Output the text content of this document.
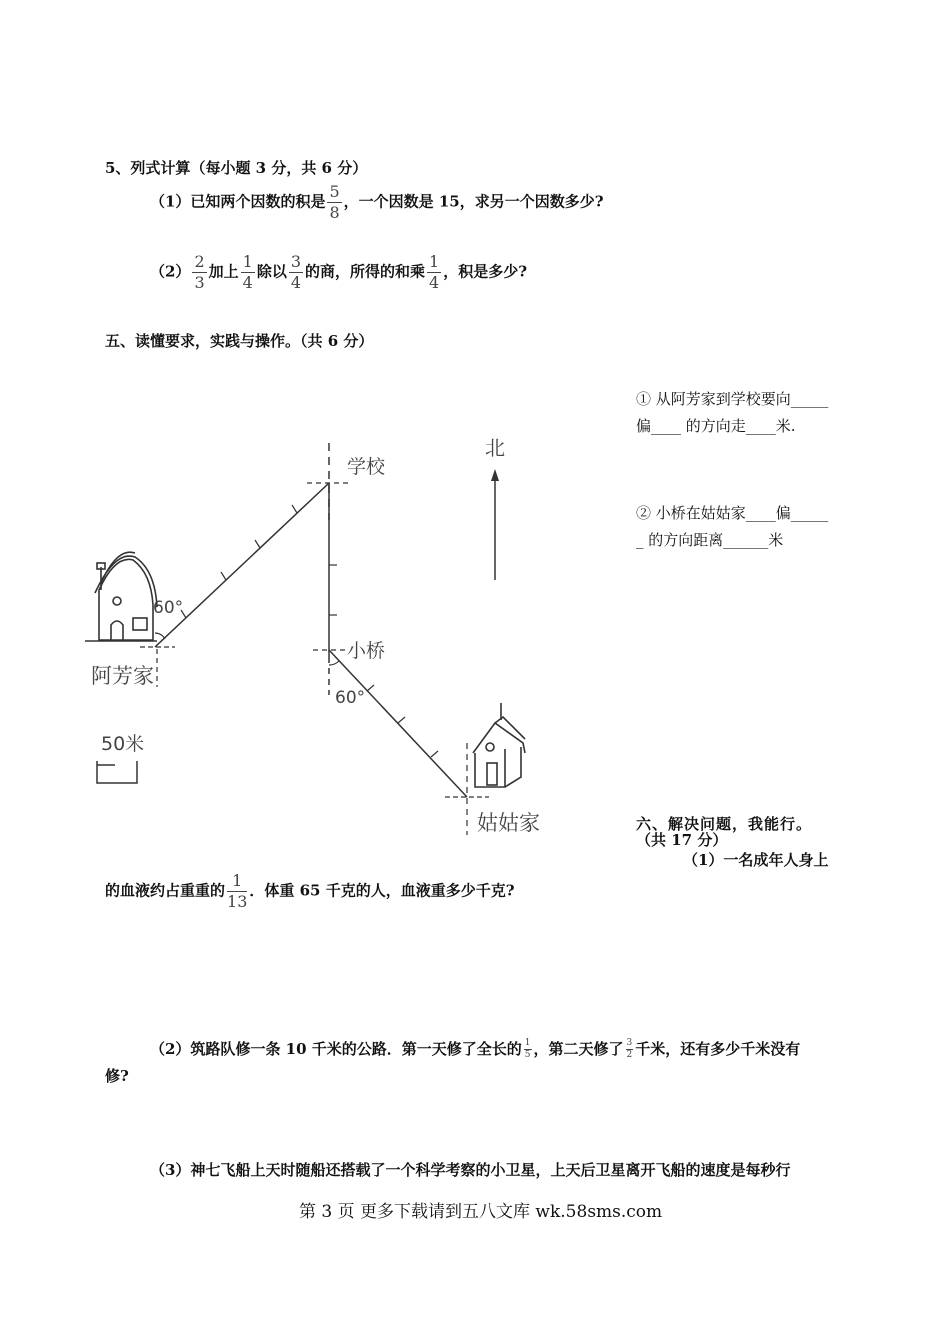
5、列式计算（每小题 3 分，共 6 分）
（1）已知两个因数的积是 $\frac{5}{8}$ ，一个因数是 15，求另一个因数多少?
$(2) \frac{2}{3}$ 加上 $\frac{1}{4}$ 除以 $\frac{3}{4}$ 的商，所得的和乘 $\frac{1}{4}$ ，积是多少?
五、读懂要求，实践与操作。（共 6 分）
北
学校
小桥
60°
60°
阿芳家
姑姑家
50米
① 从阿芳家到学校要向_____
偏____ 的方向走____米.
② 小桥在姑姑家____偏_____
_ 的方向距离______米
六、解决问题，我能行。
（共 17 分）
（1）一名成年人身上
的血液约占重重的 $\frac{1}{13}$ ．体重 65 千克的人，血液重多少千克?
（2）筑路队修一条 10 千米的公路．第一天修了全长的 $\frac{1}{5}$ ，第二天修了 $\frac{3}{2}$ 千米，还有多少千米没有
修?
（3）神七飞船上天时随船还搭载了一个科学考察的小卫星，上天后卫星离开飞船的速度是每秒行
第 3 页 更多下载请到五八文库 wk.58sms.com
